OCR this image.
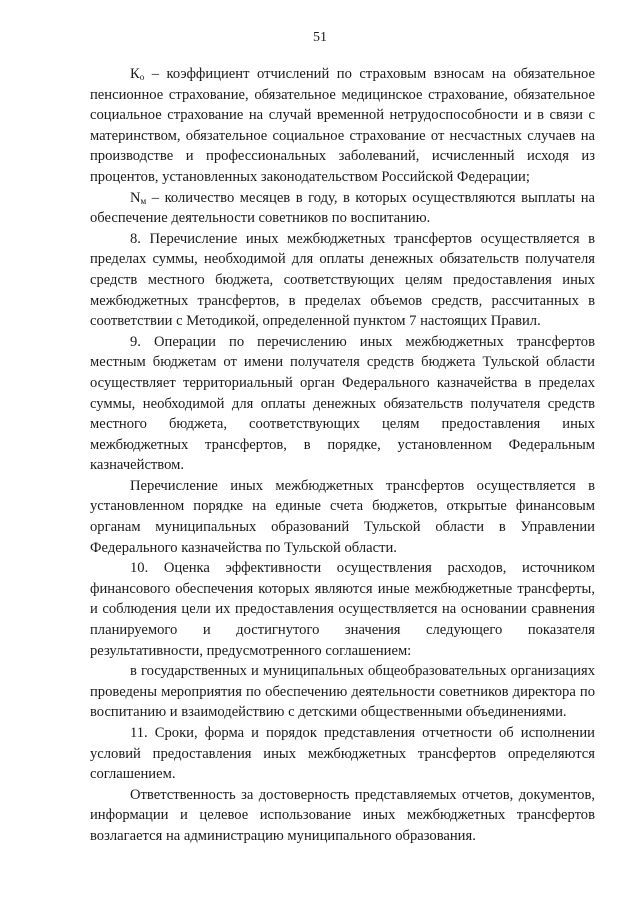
51

$К_о$ – коэффициент отчислений по страховым взносам на обязательное пенсионное страхование, обязательное медицинское страхование, обязательное социальное страхование на случай временной нетрудоспособности и в связи с материнством, обязательное социальное страхование от несчастных случаев на производстве и профессиональных заболеваний, исчисленный исходя из процентов, установленных законодательством Российской Федерации;

$N_м$ – количество месяцев в году, в которых осуществляются выплаты на обеспечение деятельности советников по воспитанию.

8. Перечисление иных межбюджетных трансфертов осуществляется в пределах суммы, необходимой для оплаты денежных обязательств получателя средств местного бюджета, соответствующих целям предоставления иных межбюджетных трансфертов, в пределах объемов средств, рассчитанных в соответствии с Методикой, определенной пунктом 7 настоящих Правил.

9. Операции по перечислению иных межбюджетных трансфертов местным бюджетам от имени получателя средств бюджета Тульской области осуществляет территориальный орган Федерального казначейства в пределах суммы, необходимой для оплаты денежных обязательств получателя средств местного бюджета, соответствующих целям предоставления иных межбюджетных трансфертов, в порядке, установленном Федеральным казначейством.

Перечисление иных межбюджетных трансфертов осуществляется в установленном порядке на единые счета бюджетов, открытые финансовым органам муниципальных образований Тульской области в Управлении Федерального казначейства по Тульской области.

10. Оценка эффективности осуществления расходов, источником финансового обеспечения которых являются иные межбюджетные трансферты, и соблюдения цели их предоставления осуществляется на основании сравнения планируемого и достигнутого значения следующего показателя результативности, предусмотренного соглашением:

в государственных и муниципальных общеобразовательных организациях проведены мероприятия по обеспечению деятельности советников директора по воспитанию и взаимодействию с детскими общественными объединениями.

11. Сроки, форма и порядок представления отчетности об исполнении условий предоставления иных межбюджетных трансфертов определяются соглашением.

Ответственность за достоверность представляемых отчетов, документов, информации и целевое использование иных межбюджетных трансфертов возлагается на администрацию муниципального образования.
